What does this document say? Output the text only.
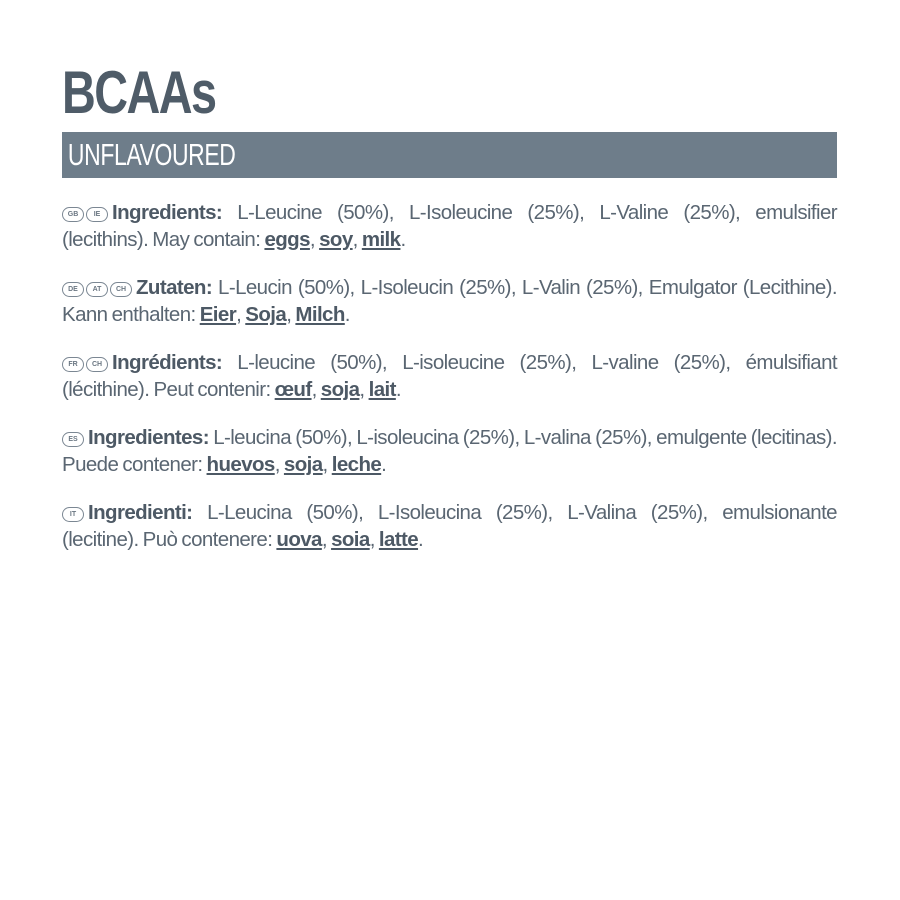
BCAAs
UNFLAVOURED

GB IE Ingredients: L-Leucine (50%), L-Isoleucine (25%), L-Valine (25%), emulsifier (lecithins). May contain: eggs, soy, milk.

DE AT CH Zutaten: L-Leucin (50%), L-Isoleucin (25%), L-Valin (25%), Emulgator (Lecithine). Kann enthalten: Eier, Soja, Milch.

FR CH Ingrédients: L-leucine (50%), L-isoleucine (25%), L-valine (25%), émulsifiant (lécithine). Peut contenir: œuf, soja, lait.

ES Ingredientes: L-leucina (50%), L-isoleucina (25%), L-valina (25%), emulgente (lecitinas). Puede contener: huevos, soja, leche.

IT Ingredienti: L-Leucina (50%), L-Isoleucina (25%), L-Valina (25%), emulsionante (lecitine). Può contenere: uova, soia, latte.
